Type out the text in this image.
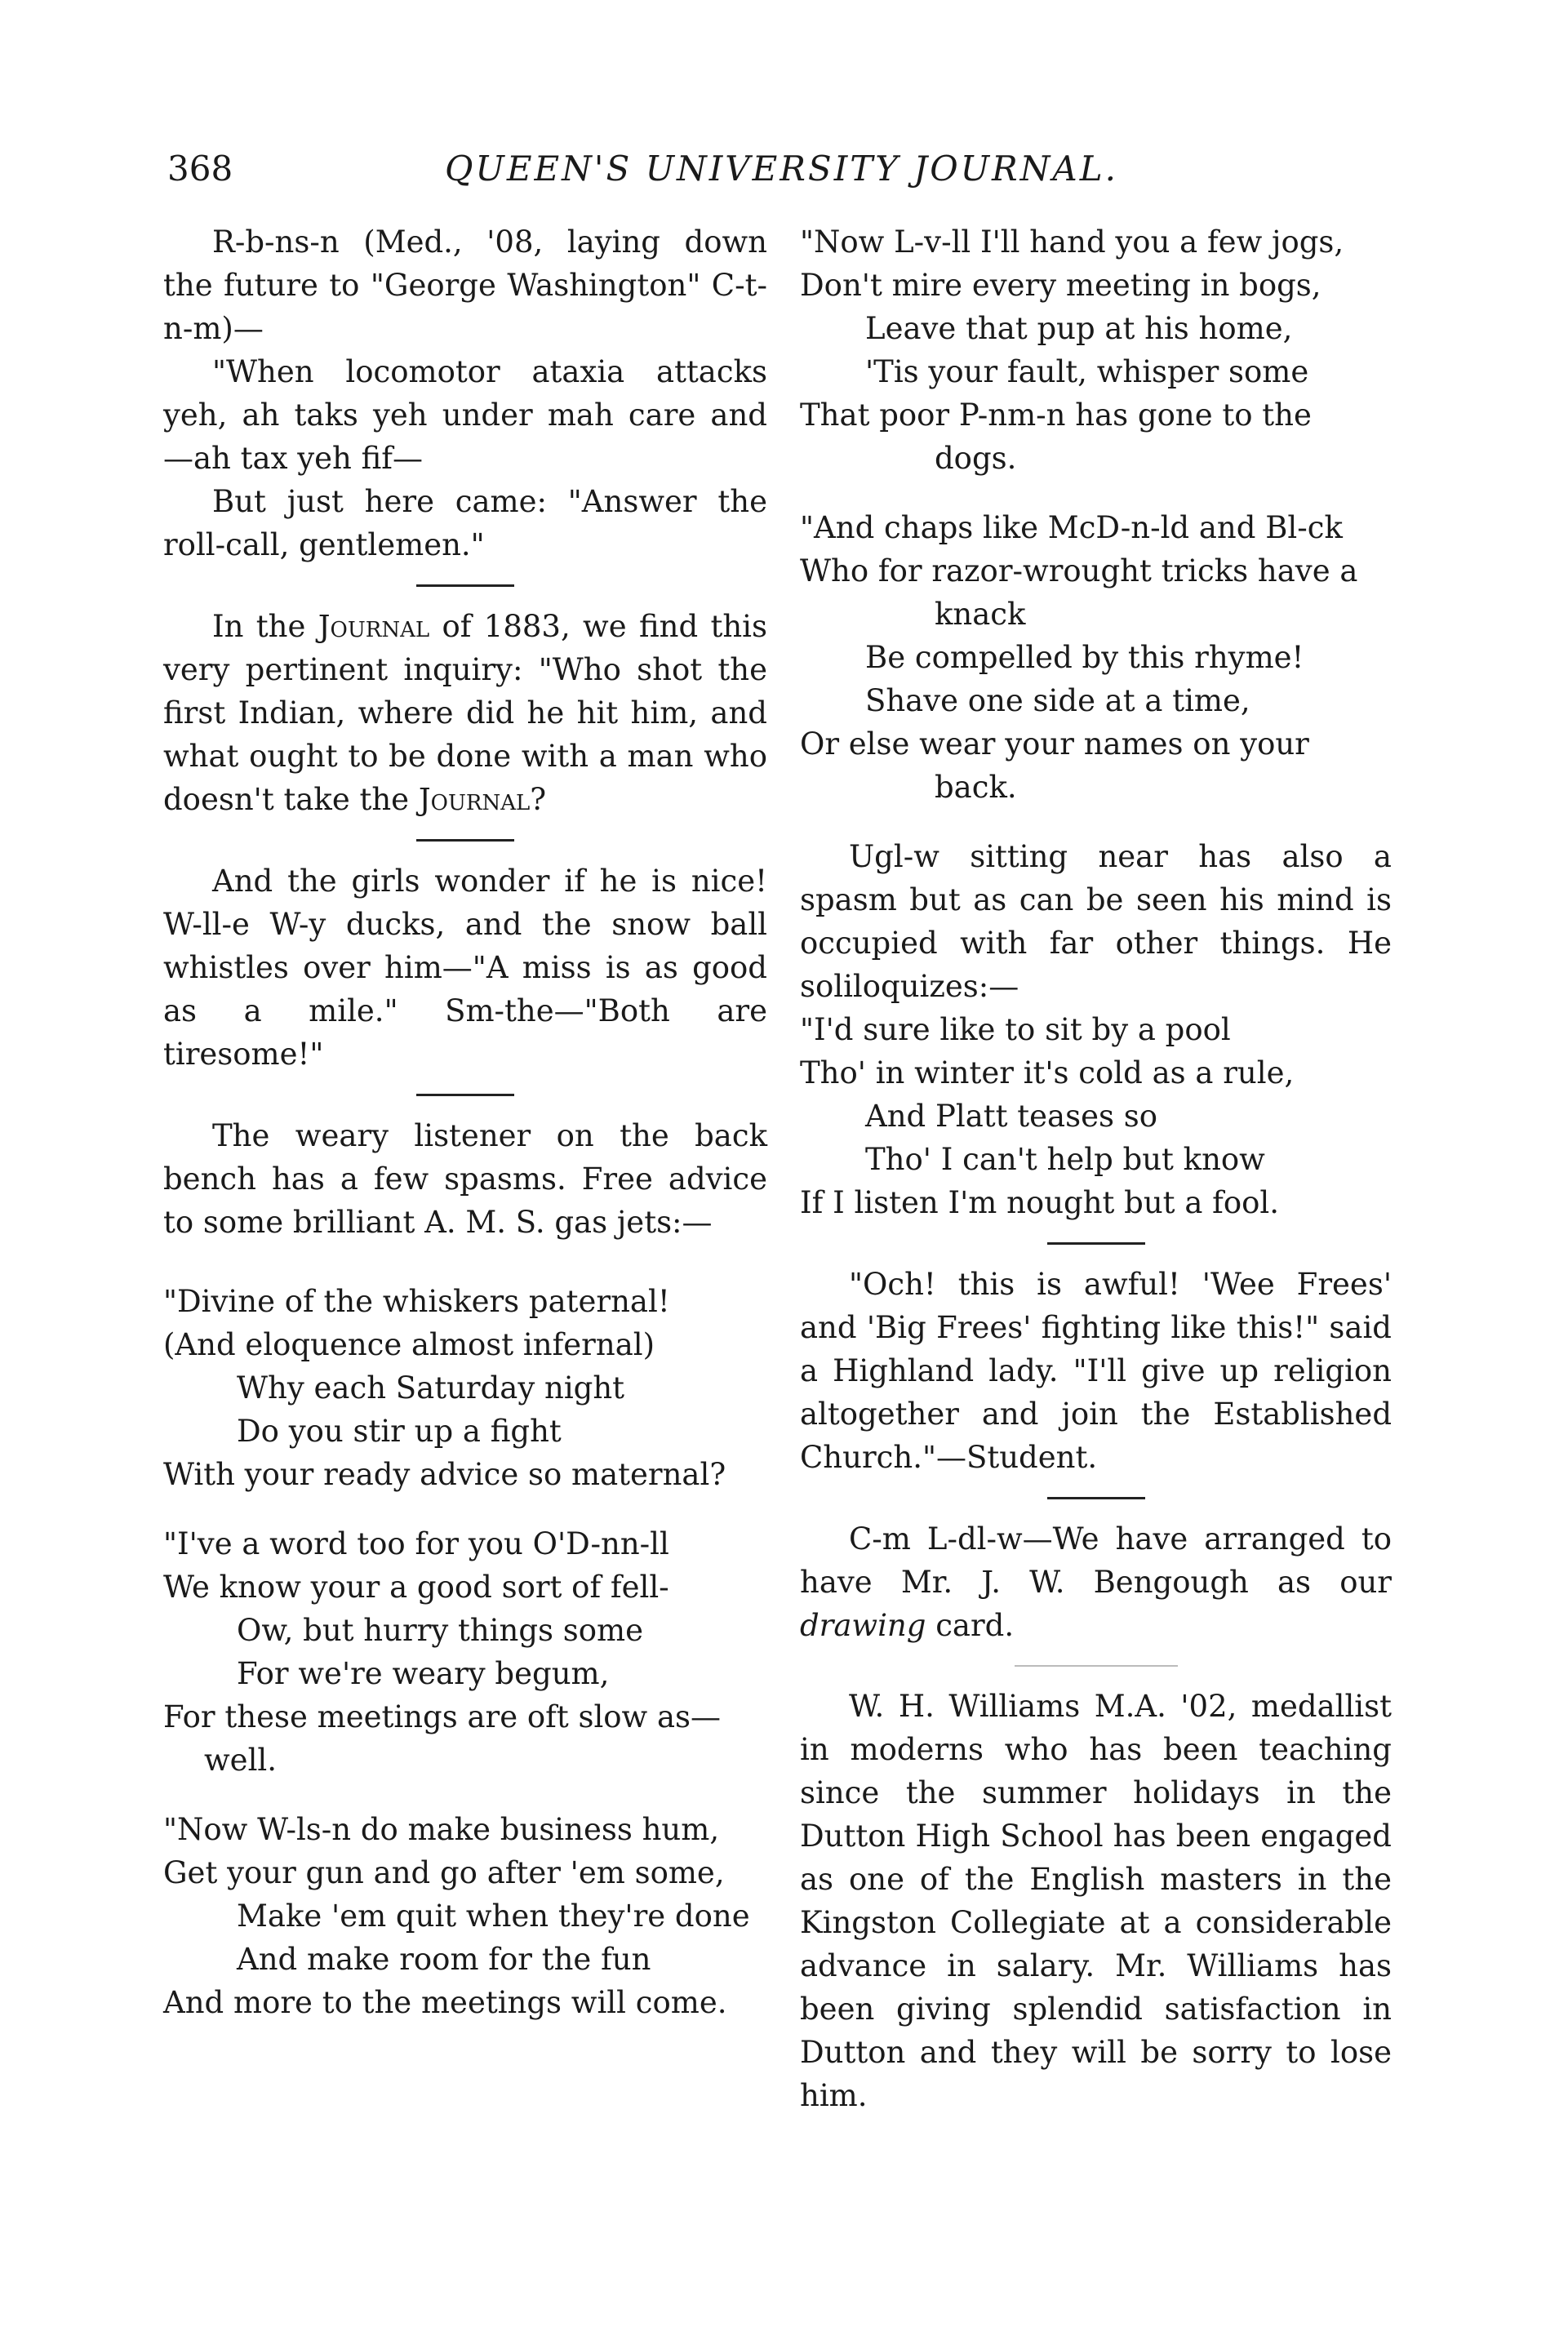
368	QUEEN'S UNIVERSITY JOURNAL.

R-b-ns-n (Med., '08, laying down the future to "George Washington" C-t-n-m)—

"When locomotor ataxia attacks yeh, ah taks yeh under mah care and —ah tax yeh fif—

But just here came: "Answer the roll-call, gentlemen."

In the Journal of 1883, we find this very pertinent inquiry: "Who shot the first Indian, where did he hit him, and what ought to be done with a man who doesn't take the Journal?

And the girls wonder if he is nice! W-ll-e W-y ducks, and the snow ball whistles over him—"A miss is as good as a mile." Sm-the—"Both are tiresome!"

The weary listener on the back bench has a few spasms. Free advice to some brilliant A. M. S. gas jets:—

"Divine of the whiskers paternal!
(And eloquence almost infernal)
Why each Saturday night
Do you stir up a fight
With your ready advice so maternal?
"I've a word too for you O'D-nn-ll
We know your a good sort of fell-
Ow, but hurry things some
For we're weary begum,
For these meetings are oft slow as— well.
"Now W-ls-n do make business hum,
Get your gun and go after 'em some,
Make 'em quit when they're done
And make room for the fun
And more to the meetings will come.
"Now L-v-ll I'll hand you a few jogs,
Don't mire every meeting in bogs,
Leave that pup at his home,
'Tis your fault, whisper some
That poor P-nm-n has gone to the dogs.
"And chaps like McD-n-ld and Bl-ck
Who for razor-wrought tricks have a knack
Be compelled by this rhyme!
Shave one side at a time,
Or else wear your names on your back.

Ugl-w sitting near has also a spasm but as can be seen his mind is occupied with far other things. He soliloquizes:—

"I'd sure like to sit by a pool
Tho' in winter it's cold as a rule,
And Platt teases so
Tho' I can't help but know
If I listen I'm nought but a fool.

"Och! this is awful! 'Wee Frees' and 'Big Frees' fighting like this!" said a Highland lady. "I'll give up religion altogether and join the Established Church."—Student.

C-m L-dl-w—We have arranged to have Mr. J. W. Bengough as our drawing card.

W. H. Williams M.A. '02, medallist in moderns who has been teaching since the summer holidays in the Dutton High School has been engaged as one of the English masters in the Kingston Collegiate at a considerable advance in salary. Mr. Williams has been giving splendid satisfaction in Dutton and they will be sorry to lose him.
